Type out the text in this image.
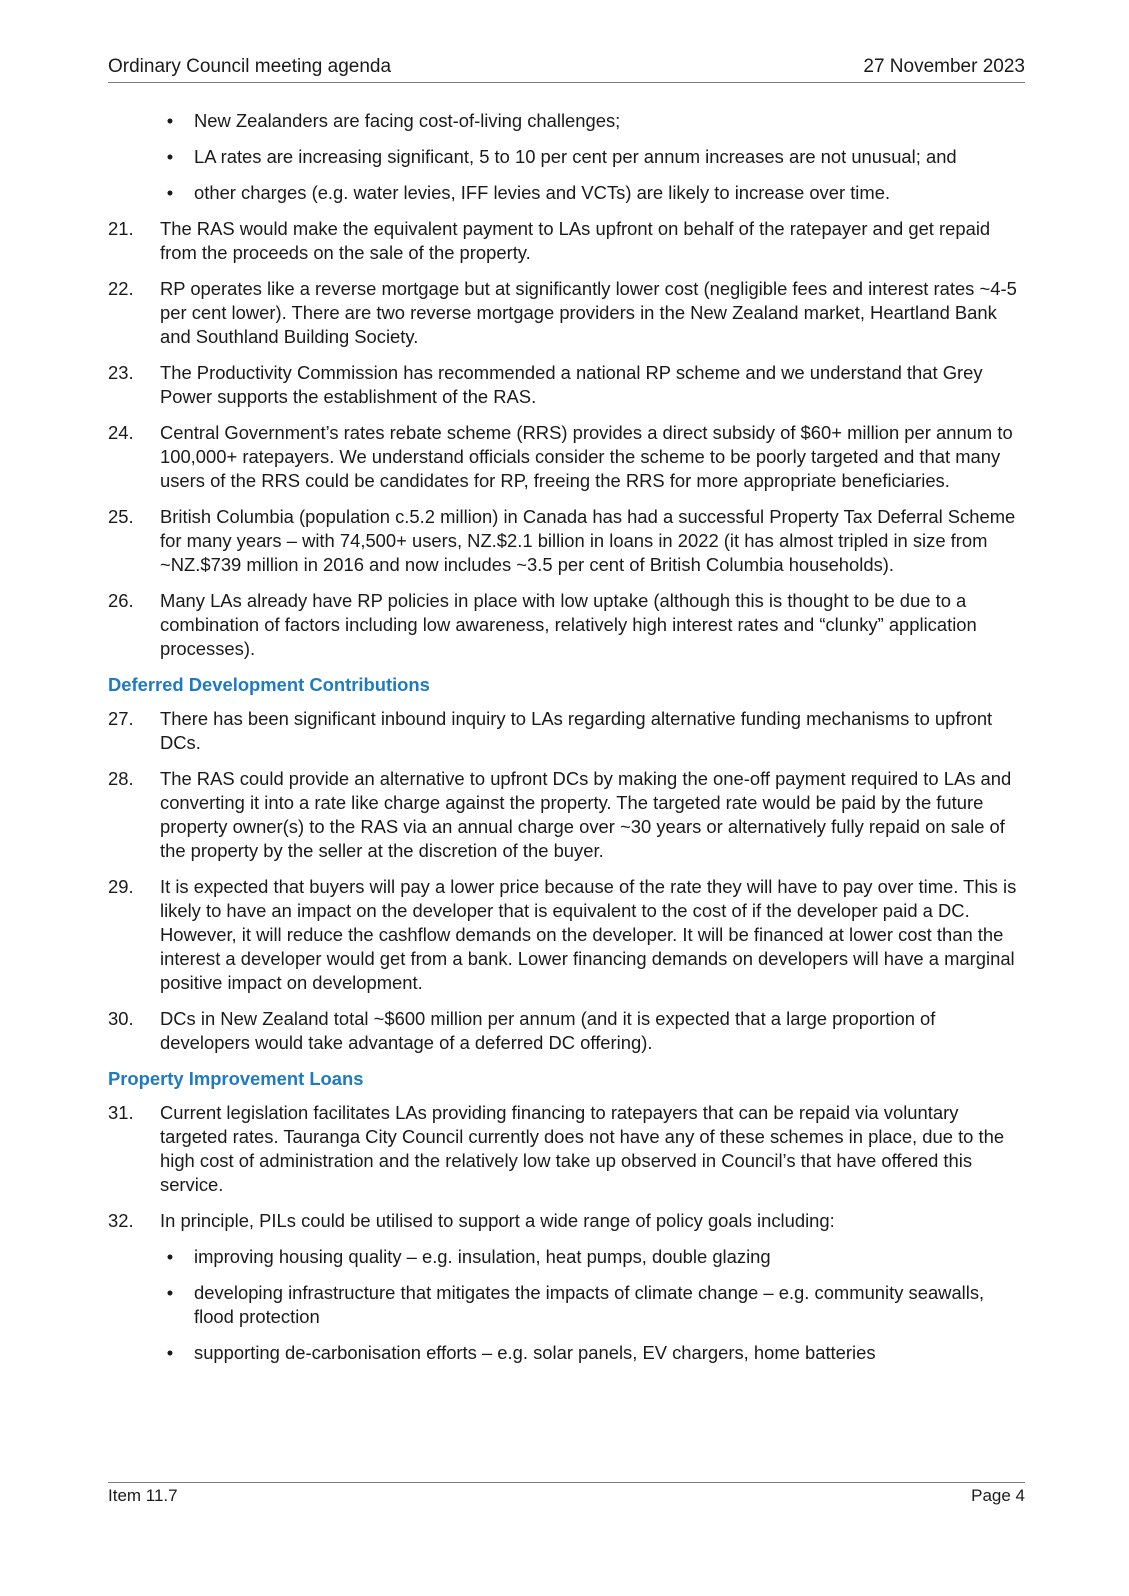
Ordinary Council meeting agenda	27 November 2023
•	New Zealanders are facing cost-of-living challenges;
•	LA rates are increasing significant, 5 to 10 per cent per annum increases are not unusual; and
•	other charges (e.g. water levies, IFF levies and VCTs) are likely to increase over time.
21. The RAS would make the equivalent payment to LAs upfront on behalf of the ratepayer and get repaid from the proceeds on the sale of the property.
22. RP operates like a reverse mortgage but at significantly lower cost (negligible fees and interest rates ~4-5 per cent lower). There are two reverse mortgage providers in the New Zealand market, Heartland Bank and Southland Building Society.
23. The Productivity Commission has recommended a national RP scheme and we understand that Grey Power supports the establishment of the RAS.
24. Central Government’s rates rebate scheme (RRS) provides a direct subsidy of $60+ million per annum to 100,000+ ratepayers. We understand officials consider the scheme to be poorly targeted and that many users of the RRS could be candidates for RP, freeing the RRS for more appropriate beneficiaries.
25. British Columbia (population c.5.2 million) in Canada has had a successful Property Tax Deferral Scheme for many years – with 74,500+ users, NZ.$2.1 billion in loans in 2022 (it has almost tripled in size from ~NZ.$739 million in 2016 and now includes ~3.5 per cent of British Columbia households).
26. Many LAs already have RP policies in place with low uptake (although this is thought to be due to a combination of factors including low awareness, relatively high interest rates and “clunky” application processes).
Deferred Development Contributions
27. There has been significant inbound inquiry to LAs regarding alternative funding mechanisms to upfront DCs.
28. The RAS could provide an alternative to upfront DCs by making the one-off payment required to LAs and converting it into a rate like charge against the property. The targeted rate would be paid by the future property owner(s) to the RAS via an annual charge over ~30 years or alternatively fully repaid on sale of the property by the seller at the discretion of the buyer.
29. It is expected that buyers will pay a lower price because of the rate they will have to pay over time. This is likely to have an impact on the developer that is equivalent to the cost of if the developer paid a DC. However, it will reduce the cashflow demands on the developer. It will be financed at lower cost than the interest a developer would get from a bank. Lower financing demands on developers will have a marginal positive impact on development.
30. DCs in New Zealand total ~$600 million per annum (and it is expected that a large proportion of developers would take advantage of a deferred DC offering).
Property Improvement Loans
31. Current legislation facilitates LAs providing financing to ratepayers that can be repaid via voluntary targeted rates. Tauranga City Council currently does not have any of these schemes in place, due to the high cost of administration and the relatively low take up observed in Council’s that have offered this service.
32. In principle, PILs could be utilised to support a wide range of policy goals including:
•	improving housing quality – e.g. insulation, heat pumps, double glazing
•	developing infrastructure that mitigates the impacts of climate change – e.g. community seawalls, flood protection
•	supporting de-carbonisation efforts – e.g. solar panels, EV chargers, home batteries
Item 11.7	Page 4
